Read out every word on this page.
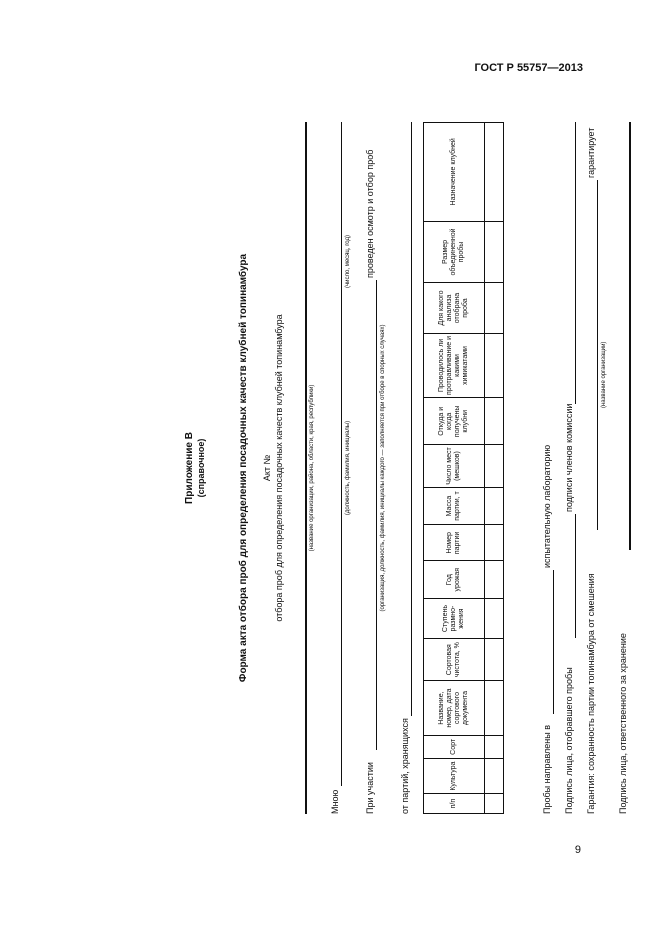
ГОСТ Р 55757—2013
Приложение В (справочное)	Форма акта отбора проб для определения посадочных качеств клубней топинамбура Акт № отбора проб для определения посадочных качеств клубней топинамбура	(название организации, района, области, края, республики)
Мною
(должность, фамилия, инициалы)
(число, месяц, год)
При участии
проведен осмотр и отбор проб
(организация, должность, фамилия, инициалы каждого — заполняется при отборе в спорных случаях)
от партий, хранящихся	п/п	Культура	Сорт	Название, номер, дата сортового документа	Сортовая чистота, %	Ступень размно-жения	Год урожая	Номер партии	Масса партии, т	Число мест (мешков)	Откуда и когда получены клубни	Проводилось ли протравливание и какими химикатами	Для какого анализа отобрана проба	Размер объединенной пробы	Назначение клубней

Пробы направлены в
испытательную лабораторию
Подпись лица, отобравшего пробы
подписи членов комиссии
Гарантия: сохранность партии топинамбура от смешения
гарантирует
(название организации)
Подпись лица, ответственного за хранение
9
